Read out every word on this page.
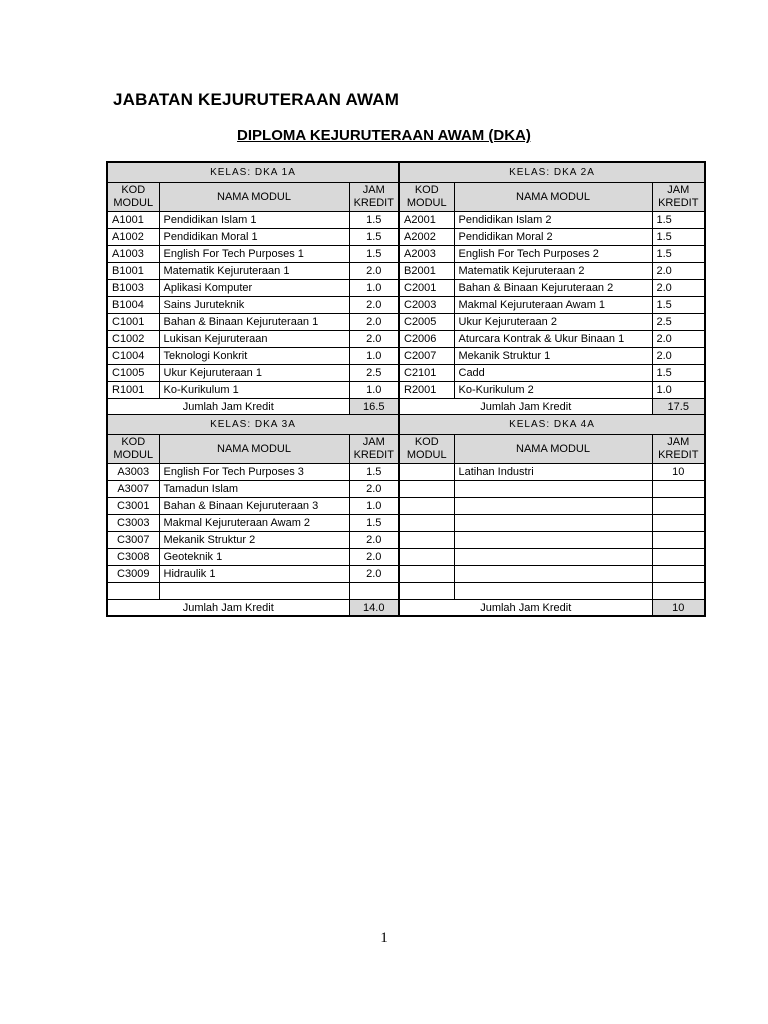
JABATAN KEJURUTERAAN AWAM
DIPLOMA KEJURUTERAAN AWAM (DKA)
KELAS: DKA 1A			KELAS: DKA 2A		
KOD MODUL	NAMA MODUL	JAM KREDIT	KOD MODUL	NAMA MODUL	JAM KREDIT
A1001	Pendidikan Islam 1	1.5	A2001	Pendidikan Islam 2	1.5
A1002	Pendidikan Moral 1	1.5	A2002	Pendidikan Moral 2	1.5
A1003	English For Tech Purposes 1	1.5	A2003	English For Tech Purposes 2	1.5
B1001	Matematik Kejuruteraan 1	2.0	B2001	Matematik Kejuruteraan 2	2.0
B1003	Aplikasi Komputer	1.0	C2001	Bahan & Binaan Kejuruteraan 2	2.0
B1004	Sains Juruteknik	2.0	C2003	Makmal Kejuruteraan Awam 1	1.5
C1001	Bahan & Binaan Kejuruteraan 1	2.0	C2005	Ukur Kejuruteraan 2	2.5
C1002	Lukisan Kejuruteraan	2.0	C2006	Aturcara Kontrak & Ukur Binaan 1	2.0
C1004	Teknologi Konkrit	1.0	C2007	Mekanik Struktur 1	2.0
C1005	Ukur Kejuruteraan 1	2.5	C2101	Cadd	1.5
R1001	Ko-Kurikulum 1	1.0	R2001	Ko-Kurikulum 2	1.0
Jumlah Jam Kredit		16.5	Jumlah Jam Kredit		17.5
KELAS: DKA 3A			KELAS: DKA 4A		
KOD MODUL	NAMA MODUL	JAM KREDIT	KOD MODUL	NAMA MODUL	JAM KREDIT
A3003	English For Tech Purposes 3	1.5		Latihan Industri	10
A3007	Tamadun Islam	2.0			
C3001	Bahan & Binaan Kejuruteraan 3	1.0			
C3003	Makmal Kejuruteraan Awam 2	1.5			
C3007	Mekanik Struktur 2	2.0			
C3008	Geoteknik 1	2.0			
C3009	Hidraulik 1	2.0			

Jumlah Jam Kredit		14.0	Jumlah Jam Kredit		10
1
